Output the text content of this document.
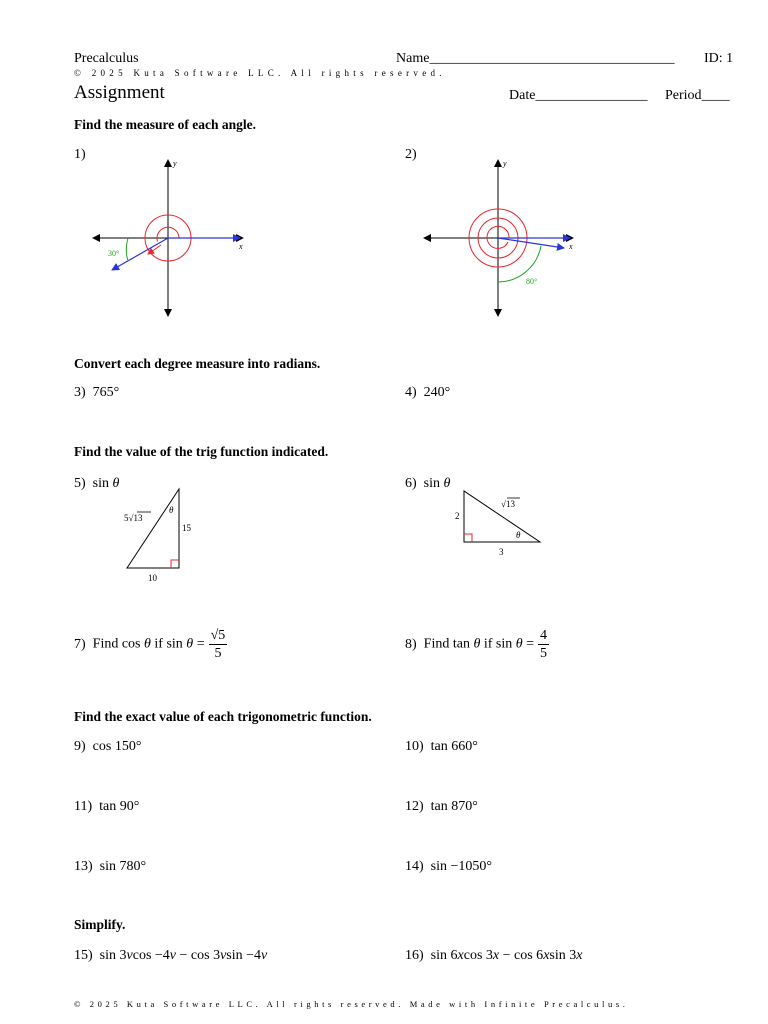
Precalculus	Name___________________________________ ID: 1
© 2025 Kuta Software LLC. All rights reserved.
Assignment	Date________________ Period____
Find the measure of each angle.
1)	2)
x
y
30°
x
y
80°
Convert each degree measure into radians.
3) 765°	4) 240°
Find the value of the trig function indicated.
5) sin θ	6) sin θ
5√13
15
10
θ
√13
2
3
θ
7) Find cos θ if $\sin \theta = \frac{√5}{5}$	8) Find tan θ if $\sin \theta = \frac{4}{5}$
Find the exact value of each trigonometric function.
9) cos 150°	10) tan 660°
11) tan 90°	12) tan 870°
13) sin 780°	14) sin −1050°
Simplify.
15) sin 3vcos −4v − cos 3vsin −4v	16) sin 6xcos 3x − cos 6xsin 3x
© 2025 Kuta Software LLC. All rights reserved. Made with Infinite Precalculus.
